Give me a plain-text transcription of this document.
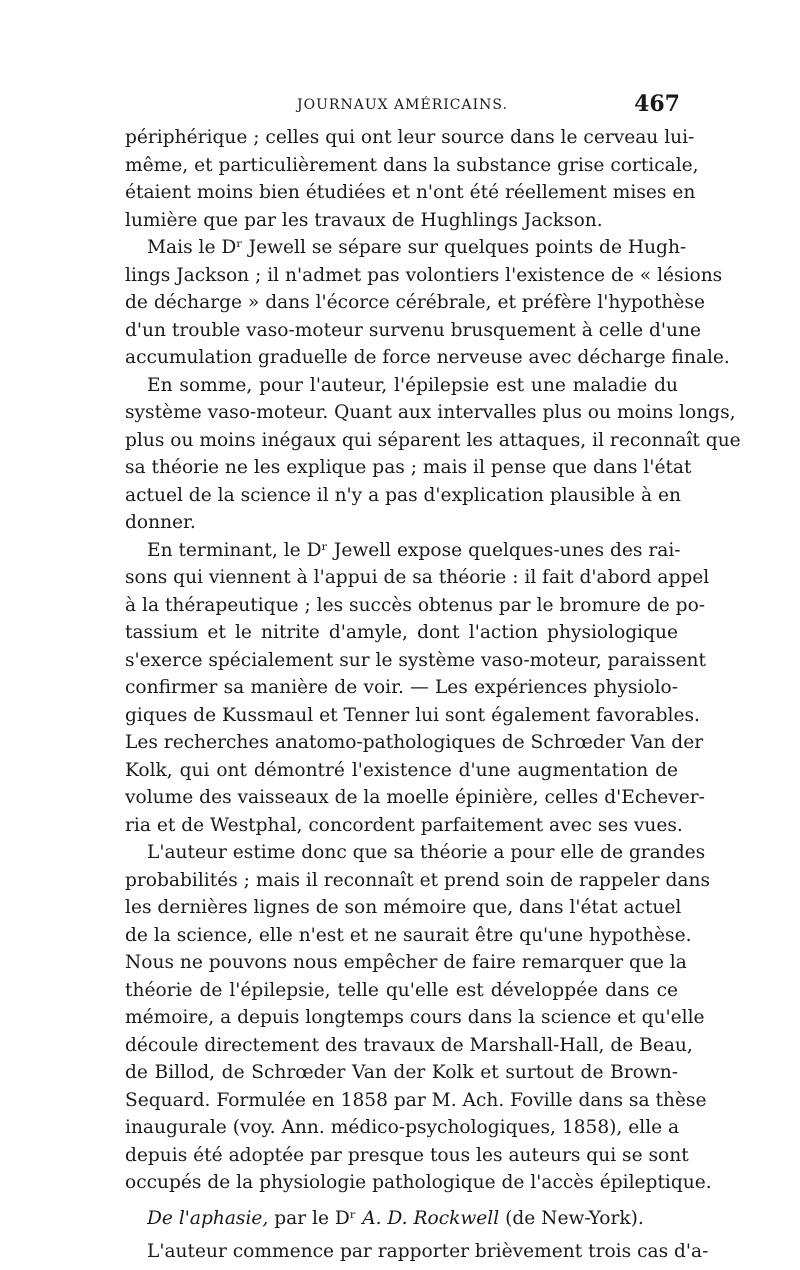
JOURNAUX AMÉRICAINS.	467
périphérique ; celles qui ont leur source dans le cerveau lui-
même, et particulièrement dans la substance grise corticale,
étaient moins bien étudiées et n'ont été réellement mises en
lumière que par les travaux de Hughlings Jackson.
Mais le Dʳ Jewell se sépare sur quelques points de Hugh-
lings Jackson ; il n'admet pas volontiers l'existence de « lésions
de décharge » dans l'écorce cérébrale, et préfère l'hypothèse
d'un trouble vaso-moteur survenu brusquement à celle d'une
accumulation graduelle de force nerveuse avec décharge finale.
En somme, pour l'auteur, l'épilepsie est une maladie du
système vaso-moteur. Quant aux intervalles plus ou moins longs,
plus ou moins inégaux qui séparent les attaques, il reconnaît que
sa théorie ne les explique pas ; mais il pense que dans l'état
actuel de la science il n'y a pas d'explication plausible à en
donner.
En terminant, le Dʳ Jewell expose quelques-unes des rai-
sons qui viennent à l'appui de sa théorie : il fait d'abord appel
à la thérapeutique ; les succès obtenus par le bromure de po-
tassium et le nitrite d'amyle, dont l'action physiologique
s'exerce spécialement sur le système vaso-moteur, paraissent
confirmer sa manière de voir. — Les expériences physiolo-
giques de Kussmaul et Tenner lui sont également favorables.
Les recherches anatomo-pathologiques de Schrœder Van der
Kolk, qui ont démontré l'existence d'une augmentation de
volume des vaisseaux de la moelle épinière, celles d'Echever-
ria et de Westphal, concordent parfaitement avec ses vues.
L'auteur estime donc que sa théorie a pour elle de grandes
probabilités ; mais il reconnaît et prend soin de rappeler dans
les dernières lignes de son mémoire que, dans l'état actuel
de la science, elle n'est et ne saurait être qu'une hypothèse.
Nous ne pouvons nous empêcher de faire remarquer que la
théorie de l'épilepsie, telle qu'elle est développée dans ce
mémoire, a depuis longtemps cours dans la science et qu'elle
découle directement des travaux de Marshall-Hall, de Beau,
de Billod, de Schrœder Van der Kolk et surtout de Brown-
Sequard. Formulée en 1858 par M. Ach. Foville dans sa thèse
inaugurale (voy. Ann. médico-psychologiques, 1858), elle a
depuis été adoptée par presque tous les auteurs qui se sont
occupés de la physiologie pathologique de l'accès épileptique.
De l'aphasie, par le Dʳ A. D. Rockwell (de New-York).
L'auteur commence par rapporter brièvement trois cas d'a-
